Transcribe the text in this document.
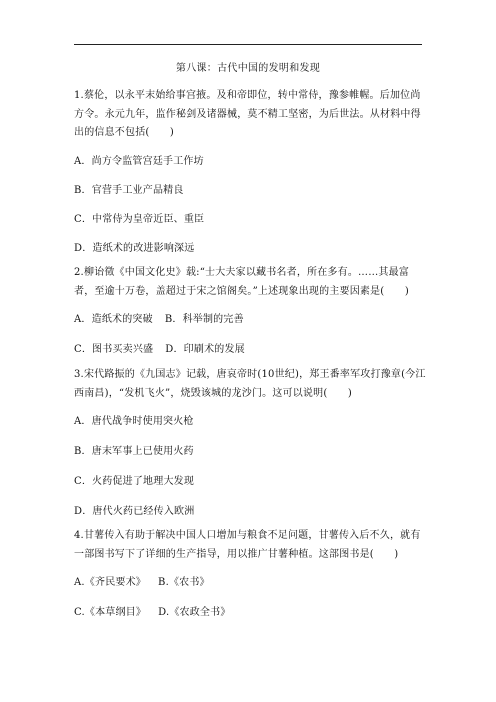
第八课：古代中国的发明和发现
1.蔡伦，以永平末始给事宫掖。及和帝即位，转中常侍，豫参帷幄。后加位尚方令。永元九年，监作秘剑及诸器械，莫不精工坚密，为后世法。从材料中得出的信息不包括(　　)
A．尚方令监管宫廷手工作坊
B．官营手工业产品精良
C．中常侍为皇帝近臣、重臣
D．造纸术的改进影响深远
2.柳诒徵《中国文化史》载:“士大夫家以藏书名者，所在多有。……其最富者，至逾十万卷，盖超过于宋之馆阁矣。”上述现象出现的主要因素是(　　)
A．造纸术的突破 B．科举制的完善
C．图书买卖兴盛 D．印刷术的发展
3.宋代路振的《九国志》记载，唐哀帝时(10世纪)，郑王番率军攻打豫章(今江西南昌)，“发机飞火”，烧毁该城的龙沙门。这可以说明(　　)
A．唐代战争时使用突火枪
B．唐末军事上已使用火药
C．火药促进了地理大发现
D．唐代火药已经传入欧洲
4.甘薯传入有助于解决中国人口增加与粮食不足问题，甘薯传入后不久，就有一部图书写下了详细的生产指导，用以推广甘薯种植。这部图书是(　　)
A.《齐民要术》 B.《农书》
C.《本草纲目》 D.《农政全书》
